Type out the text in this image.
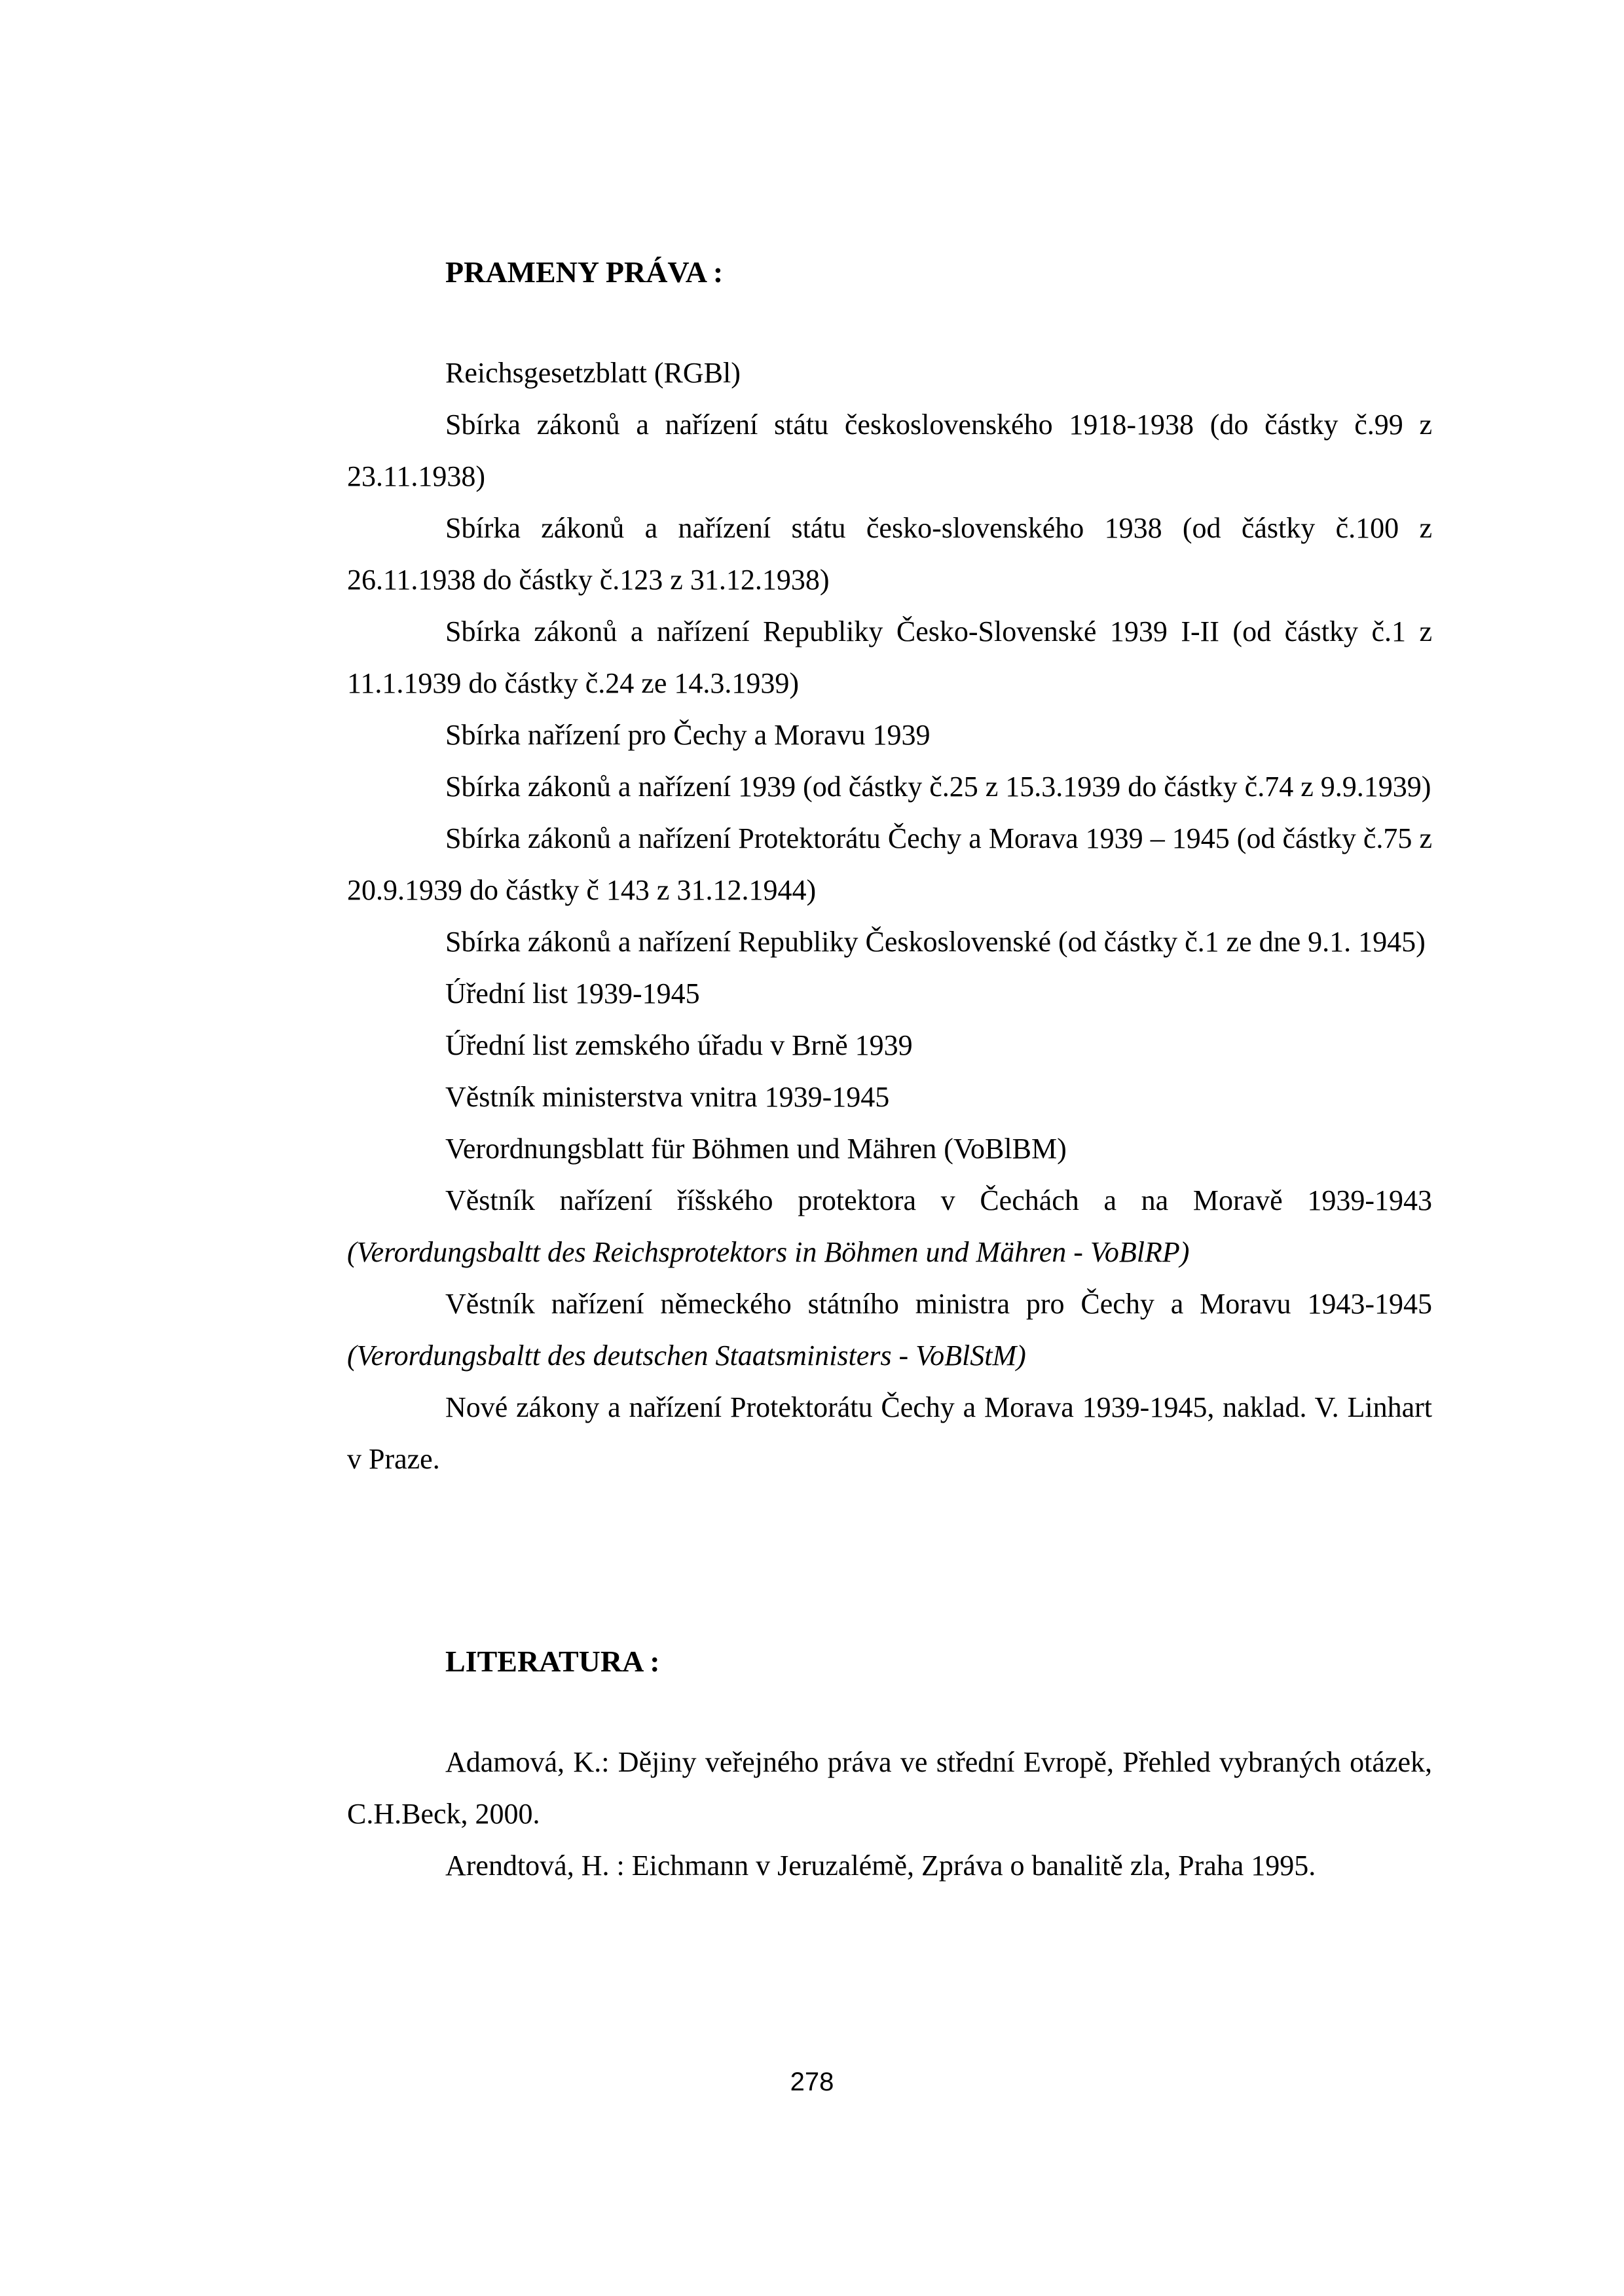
PRAMENY PRÁVA :

Reichsgesetzblatt (RGBl)

Sbírka zákonů a nařízení státu československého 1918-1938 (do částky č.99 z 23.11.1938)

Sbírka zákonů a nařízení státu česko-slovenského 1938 (od částky č.100 z 26.11.1938 do částky č.123 z 31.12.1938)

Sbírka zákonů a nařízení Republiky Česko-Slovenské 1939 I-II (od částky č.1 z 11.1.1939 do částky č.24 ze 14.3.1939)

Sbírka nařízení pro Čechy a Moravu 1939

Sbírka zákonů a nařízení 1939 (od částky č.25 z 15.3.1939 do částky č.74 z 9.9.1939)

Sbírka zákonů a nařízení Protektorátu Čechy a Morava 1939 – 1945 (od částky č.75 z 20.9.1939 do částky č 143 z 31.12.1944)

Sbírka zákonů a nařízení Republiky Československé (od částky č.1 ze dne 9.1. 1945)

Úřední list 1939-1945

Úřední list zemského úřadu v Brně 1939

Věstník ministerstva vnitra 1939-1945

Verordnungsblatt für Böhmen und Mähren (VoBlBM)

Věstník nařízení říšského protektora v Čechách a na Moravě 1939-1943 (Verordungsbaltt des Reichsprotektors in Böhmen und Mähren - VoBlRP)

Věstník nařízení německého státního ministra pro Čechy a Moravu 1943-1945 (Verordungsbaltt des deutschen Staatsministers - VoBlStM)

Nové zákony a nařízení Protektorátu Čechy a Morava 1939-1945, naklad. V. Linhart v Praze.

LITERATURA :

Adamová, K.: Dějiny veřejného práva ve střední Evropě, Přehled vybraných otázek, C.H.Beck, 2000.

Arendtová, H. : Eichmann v Jeruzalémě, Zpráva o banalitě zla, Praha 1995.

278
